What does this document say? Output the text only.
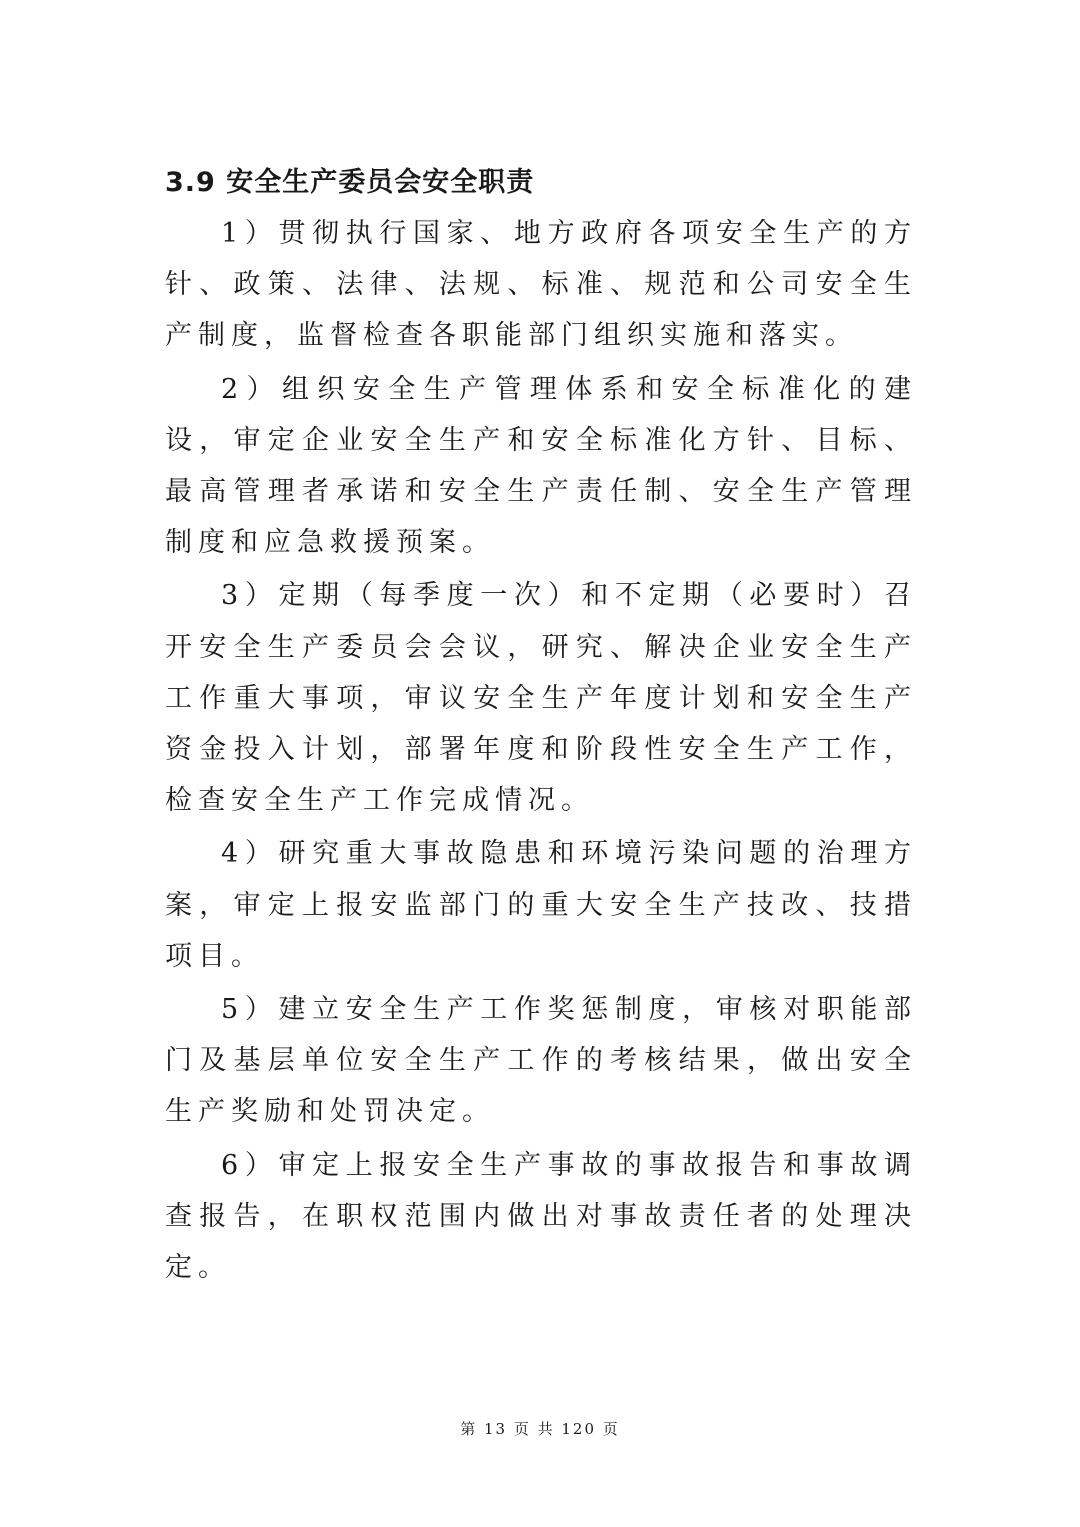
3.9 安全生产委员会安全职责

1）贯彻执行国家、地方政府各项安全生产的方针、政策、法律、法规、标准、规范和公司安全生产制度，监督检查各职能部门组织实施和落实。

2）组织安全生产管理体系和安全标准化的建设，审定企业安全生产和安全标准化方针、目标、最高管理者承诺和安全生产责任制、安全生产管理制度和应急救援预案。

3）定期（每季度一次）和不定期（必要时）召开安全生产委员会会议，研究、解决企业安全生产工作重大事项，审议安全生产年度计划和安全生产资金投入计划，部署年度和阶段性安全生产工作，检查安全生产工作完成情况。

4）研究重大事故隐患和环境污染问题的治理方案，审定上报安监部门的重大安全生产技改、技措项目。

5）建立安全生产工作奖惩制度，审核对职能部门及基层单位安全生产工作的考核结果，做出安全生产奖励和处罚决定。

6）审定上报安全生产事故的事故报告和事故调查报告，在职权范围内做出对事故责任者的处理决定。

第 13 页 共 120 页
